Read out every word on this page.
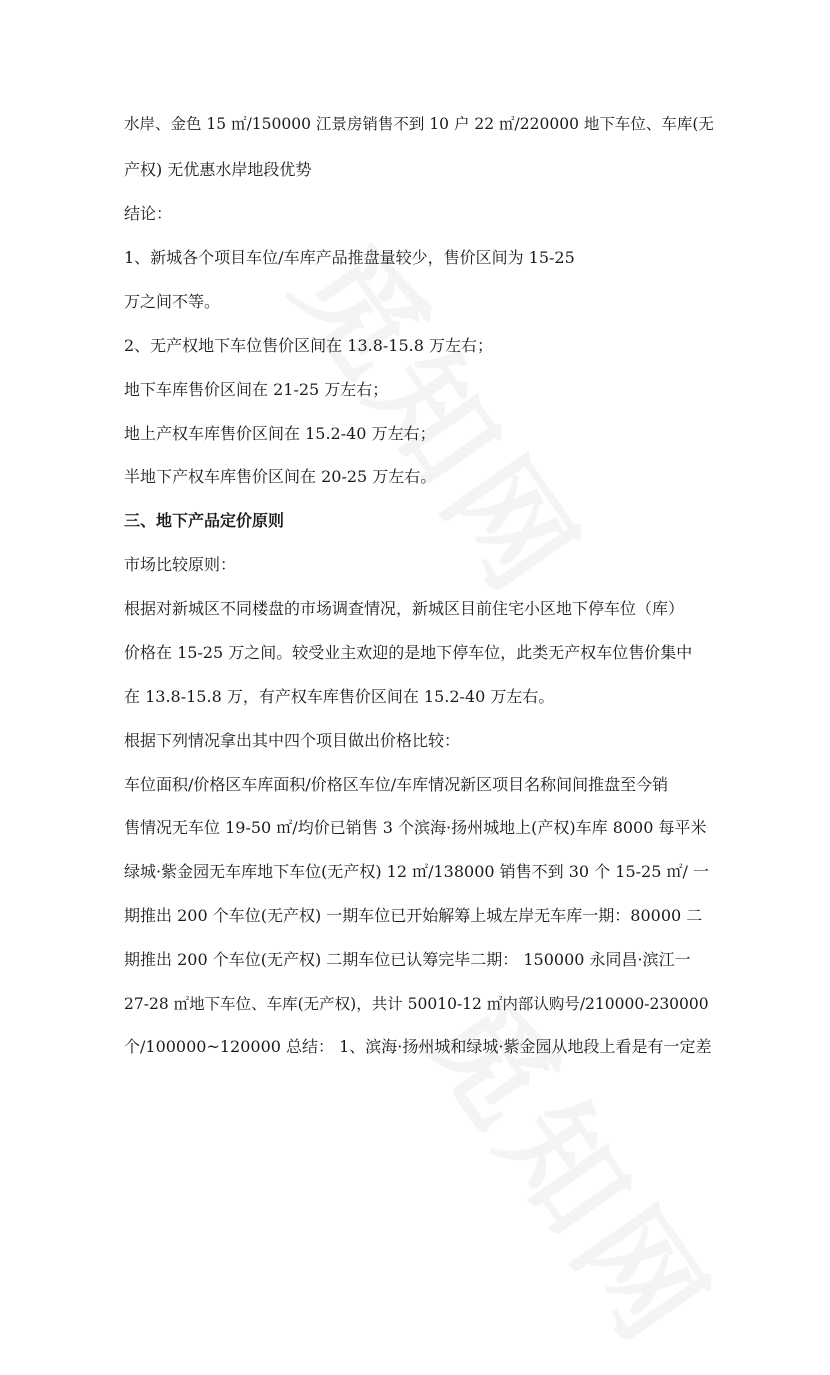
水岸、金色 15 ㎡/150000 江景房销售不到 10 户 22 ㎡/220000 地下车位、车库(无
产权) 无优惠水岸地段优势
结论：
1、新城各个项目车位/车库产品推盘量较少，售价区间为 15-25
万之间不等。
2、无产权地下车位售价区间在 13.8-15.8 万左右；
地下车库售价区间在 21-25 万左右；
地上产权车库售价区间在 15.2-40 万左右；
半地下产权车库售价区间在 20-25 万左右。
三、地下产品定价原则
市场比较原则：
根据对新城区不同楼盘的市场调查情况，新城区目前住宅小区地下停车位（库）
价格在 15-25 万之间。较受业主欢迎的是地下停车位，此类无产权车位售价集中
在 13.8-15.8 万，有产权车库售价区间在 15.2-40 万左右。
根据下列情况拿出其中四个项目做出价格比较：
车位面积/价格区车库面积/价格区车位/车库情况新区项目名称间间推盘至今销
售情况无车位 19-50 ㎡/均价已销售 3 个滨海·扬州城地上(产权)车库 8000 每平米
绿城·紫金园无车库地下车位(无产权) 12 ㎡/138000 销售不到 30 个 15-25 ㎡/ 一
期推出 200 个车位(无产权) 一期车位已开始解筹上城左岸无车库一期：80000 二
期推出 200 个车位(无产权) 二期车位已认筹完毕二期： 150000 永同昌·滨江一
27-28 ㎡地下车位、车库(无产权)，共计 50010-12 ㎡内部认购号/210000-230000
个/100000~120000 总结： 1、滨海·扬州城和绿城·紫金园从地段上看是有一定差
